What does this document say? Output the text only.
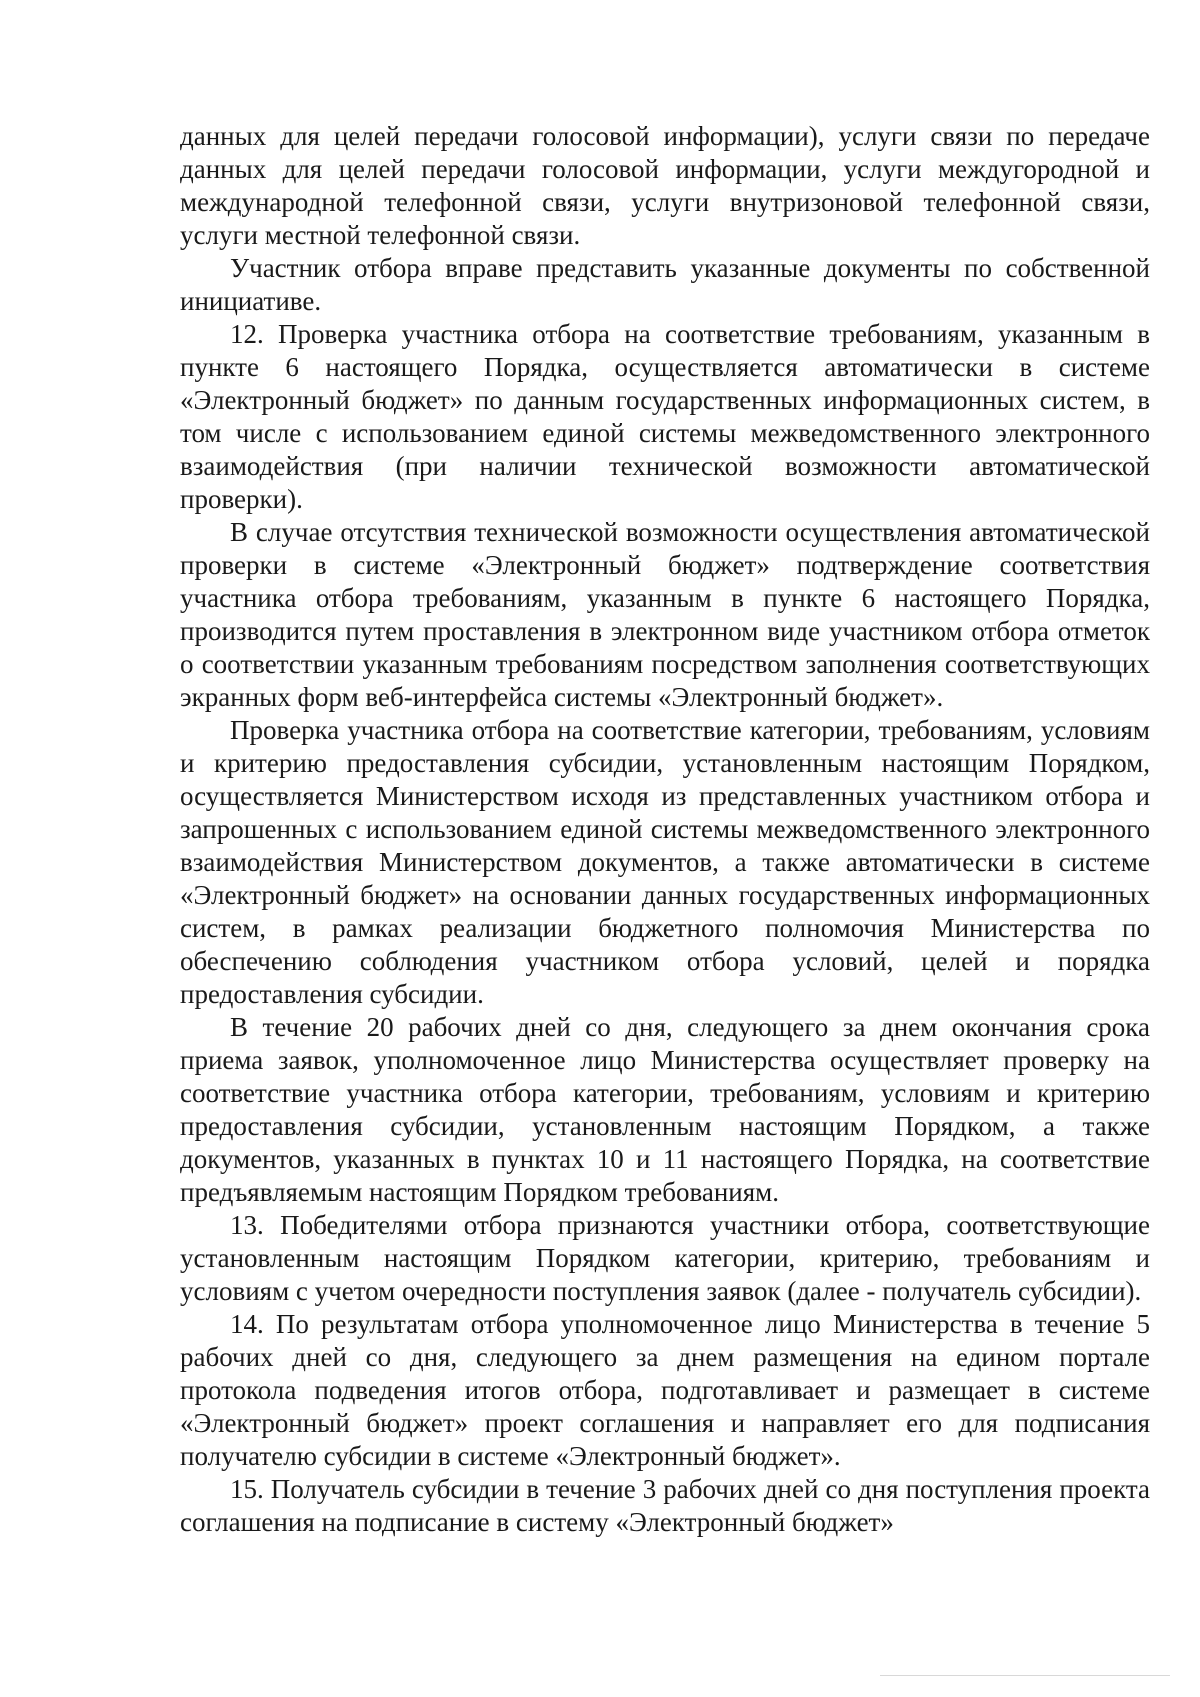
данных для целей передачи голосовой информации), услуги связи по передаче данных для целей передачи голосовой информации, услуги междугородной и международной телефонной связи, услуги внутризоновой телефонной связи, услуги местной телефонной связи.

Участник отбора вправе представить указанные документы по собственной инициативе.

12. Проверка участника отбора на соответствие требованиям, указанным в пункте 6 настоящего Порядка, осуществляется автоматически в системе «Электронный бюджет» по данным государственных информационных систем, в том числе с использованием единой системы межведомственного электронного взаимодействия (при наличии технической возможности автоматической проверки).

В случае отсутствия технической возможности осуществления автоматической проверки в системе «Электронный бюджет» подтверждение соответствия участника отбора требованиям, указанным в пункте 6 настоящего Порядка, производится путем проставления в электронном виде участником отбора отметок о соответствии указанным требованиям посредством заполнения соответствующих экранных форм веб-интерфейса системы «Электронный бюджет».

Проверка участника отбора на соответствие категории, требованиям, условиям и критерию предоставления субсидии, установленным настоящим Порядком, осуществляется Министерством исходя из представленных участником отбора и запрошенных с использованием единой системы межведомственного электронного взаимодействия Министерством документов, а также автоматически в системе «Электронный бюджет» на основании данных государственных информационных систем, в рамках реализации бюджетного полномочия Министерства по обеспечению соблюдения участником отбора условий, целей и порядка предоставления субсидии.

В течение 20 рабочих дней со дня, следующего за днем окончания срока приема заявок, уполномоченное лицо Министерства осуществляет проверку на соответствие участника отбора категории, требованиям, условиям и критерию предоставления субсидии, установленным настоящим Порядком, а также документов, указанных в пунктах 10 и 11 настоящего Порядка, на соответствие предъявляемым настоящим Порядком требованиям.

13. Победителями отбора признаются участники отбора, соответствующие установленным настоящим Порядком категории, критерию, требованиям и условиям с учетом очередности поступления заявок (далее - получатель субсидии).

14. По результатам отбора уполномоченное лицо Министерства в течение 5 рабочих дней со дня, следующего за днем размещения на едином портале протокола подведения итогов отбора, подготавливает и размещает в системе «Электронный бюджет» проект соглашения и направляет его для подписания получателю субсидии в системе «Электронный бюджет».

15. Получатель субсидии в течение 3 рабочих дней со дня поступления проекта соглашения на подписание в систему «Электронный бюджет»
